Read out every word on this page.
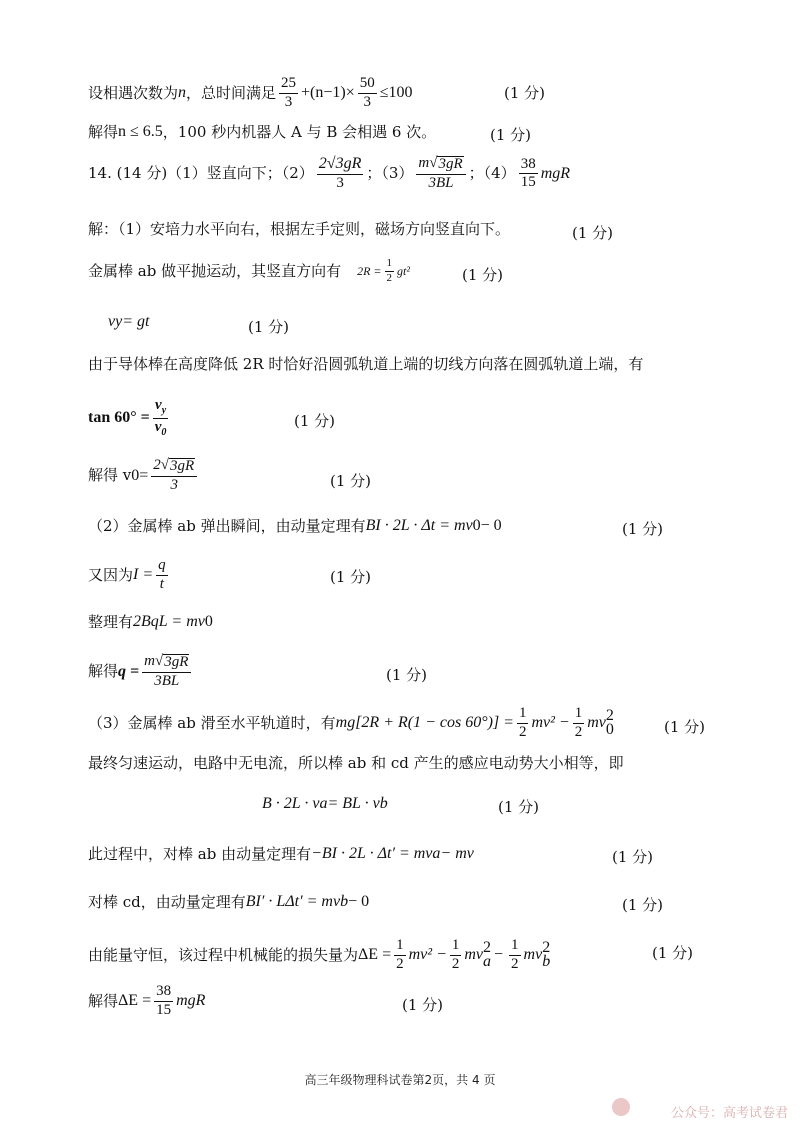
设相遇次数为 n ，总时间满足 $\frac{25}{3} +(n-1)\times \frac{50}{3} \le 100$	(1 分)
解得 n ≤ 6.5 ，100 秒内机器人 A 与 B 会相遇 6 次。	(1 分)
14. (14 分)（1）竖直向下；$(2) \frac{2√3gR}{3}$ ；$(3) \frac{m √ 3gR}{3BL}$ ；$(4) \frac{38}{15}$ mgR
解：（1）安培力水平向右，根据左手定则，磁场方向竖直向下。	(1 分)
金属棒 ab 做平抛运动，其竖直方向有 $2R = \frac{1}{2} gt^2$	(1 分)
v y = gt	(1 分)
由于导体棒在高度降低 2R 时恰好沿圆弧轨道上端的切线方向落在圆弧轨道上端，有
$\tan 60^\circ = \frac{v_y}{v_0}$	(1 分)
解得 v $0 = \frac{2 √ 3gR}{3}$	(1 分)
（2）金属棒 ab 弹出瞬间，由动量定理有 BI · 2L · Δt = mv 0 − 0	(1 分)
又因为 $I = \frac{q}{t}$	(1 分)
整理有 2BqL = mv 0
解得 $q = \frac{m √ 3gR}{3BL}$	(1 分)
（3）金属棒 ab 滑至水平轨道时，有 $mg[2R + R(1 - \cos 60^\circ)] = \frac{1}{2} mv^2 - \frac{1}{2}$ mv 2
0	(1 分)
最终匀速运动，电路中无电流，所以棒 ab 和 cd 产生的感应电动势大小相等，即
B · 2L · v a = BL · v b	(1 分)
此过程中，对棒 ab 由动量定理有 −BI · 2L · Δt′ = mv a − mv	(1 分)
对棒 cd，由动量定理有 BI′ · LΔt′ = mv b − 0	(1 分)
由能量守恒，该过程中机械能的损失量为 $\Delta E = \frac{1}{2} mv^2 - \frac{1}{2}$ mv 2
$a - \frac{1}{2}$ mv 2
b	(1 分)
解得 $\Delta E = \frac{38}{15}$ mgR	(1 分)
高三年级物理科试卷第2页，共 4 页
公众号：高考试卷君
